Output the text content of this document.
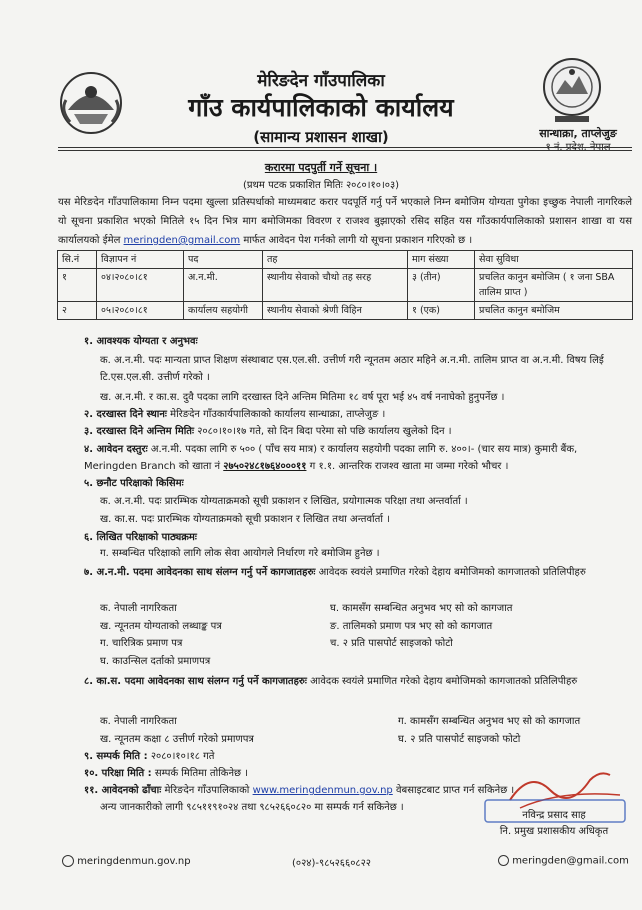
मेरिङदेन गाँउपालिका
गाँउ कार्यपालिकाको कार्यालय
(सामान्य प्रशासन शाखा)	सान्धाक्रा, ताप्लेजुङ
१ नं. प्रदेश, नेपाल
करारमा पदपुर्ती गर्ने सूचना ।
(प्रथम पटक प्रकाशित मितिः २०८०।१०।०३)
यस मेरिङदेन गाँउपालिकामा निम्न पदमा खुल्ला प्रतिस्पर्धाको माध्यमबाट करार पदपूर्ति गर्नु पर्ने भएकाले निम्न बमोजिम योग्यता पुगेका इच्छुक नेपाली नागरिकले यो सूचना प्रकाशित भएको मितिले १५ दिन भित्र माग बमोजिमका विवरण र राजश्व बुझाएको रसिद सहित यस गाँउकार्यपालिकाको प्रशासन शाखा वा यस कार्यालयको ईमेल meringden@gmail.com मार्फत आवेदन पेश गर्नको लागी यो सूचना प्रकाशन गरिएको छ ।
सि.नं	विज्ञापन नं	पद	तह	माग संख्या	सेवा सुविधा
१	०४।२०८०।८१	अ.न.मी.	स्थानीय सेवाको चौथो तह सरह	३ (तीन)	प्रचलित कानुन बमोजिम ( १ जना SBA तालिम प्राप्त )
२	०५।२०८०।८१	कार्यालय सहयोगी	स्थानीय सेवाको श्रेणी विहिन	१ (एक)	प्रचलित कानुन बमोजिम
१. आवश्यक योग्यता र अनुभवः
क. अ.न.मी. पदः मान्यता प्राप्त शिक्षण संस्थाबाट एस.एल.सी. उत्तीर्ण गरी न्यूनतम अठार महिने अ.न.मी. तालिम प्राप्त वा अ.न.मी. विषय लिई टि.एस.एल.सी. उत्तीर्ण गरेको ।
ख. अ.न.मी. र का.स. दुवै पदका लागि दरखास्त दिने अन्तिम मितिमा १८ वर्ष पूरा भई ४५ वर्ष ननाघेको हुनुपर्नेछ ।
२. दरखास्त दिने स्थानः मेरिङदेन गाँउकार्यपालिकाको कार्यालय सान्धाक्रा, ताप्लेजुङ ।
३. दरखास्त दिने अन्तिम मितिः २०८०।१०।१७ गते, सो दिन बिदा परेमा सो पछि कार्यालय खुलेको दिन ।
४. आवेदन दस्तुरः अ.न.मी. पदका लागि रु ५०० ( पाँच सय मात्र) र कार्यालय सहयोगी पदका लागि रु. ४००।- (चार सय मात्र) कुमारी बैंक, Meringden Branch को खाता नं २७५०२४८१७६४०००११ ग १.१. आन्तरिक राजश्व खाता मा जम्मा गरेको भौचर ।
५. छनौट परिक्षाको किसिमः
क. अ.न.मी. पदः प्रारम्भिक योग्यताक्रमको सूची प्रकाशन र लिखित, प्रयोगात्मक परिक्षा तथा अन्तर्वार्ता ।
ख. का.स. पदः प्रारम्भिक योग्यताक्रमको सूची प्रकाशन र लिखित तथा अन्तर्वार्ता ।
६. लिखित परिक्षाको पाठ्यक्रमः
ग. सम्बन्धित परिक्षाको लागि लोक सेवा आयोगले निर्धारण गरे बमोजिम हुनेछ ।
७. अ.न.मी. पदमा आवेदनका साथ संलग्न गर्नु पर्ने कागजातहरुः आवेदक स्वयंले प्रमाणित गरेको देहाय बमोजिमको कागजातको प्रतिलिपीहरु
क. नेपाली नागरिकता
ख. न्यूनतम योग्यताको लब्धाङ्क पत्र
ग. चारित्रिक प्रमाण पत्र
घ. काउन्सिल दर्ताको प्रमाणपत्र
घ. कामसँग सम्बन्धित अनुभव भए सो को कागजात
ङ. तालिमको प्रमाण पत्र भए सो को कागजात
च. २ प्रति पासपोर्ट साइजको फोटो
८. का.स. पदमा आवेदनका साथ संलग्न गर्नु पर्ने कागजातहरुः आवेदक स्वयंले प्रमाणित गरेको देहाय बमोजिमको कागजातको प्रतिलिपीहरु
क. नेपाली नागरिकता
ख. न्यूनतम कक्षा ८ उत्तीर्ण गरेको प्रमाणपत्र
ग. कामसँग सम्बन्धित अनुभव भए सो को कागजात
घ. २ प्रति पासपोर्ट साइजको फोटो
९. सम्पर्क मिति : २०८०।१०।१८ गते
१०. परिक्षा मिति : सम्पर्क मितिमा तोकिनेछ ।
११. आवेदनको ढाँचाः मेरिङदेन गाँउपालिकाको www.meringdenmun.gov.np वेबसाइटबाट प्राप्त गर्न सकिनेछ ।
अन्य जानकारीको लागी ९८५११९१०२४ तथा ९८५२६६०८२० मा सम्पर्क गर्न सकिनेछ ।
नविन्द्र प्रसाद साह
नि. प्रमुख प्रशासकीय अधिकृत
meringdenmun.gov.np	(०२४)-९८५२६६०८२२	meringden@gmail.com
